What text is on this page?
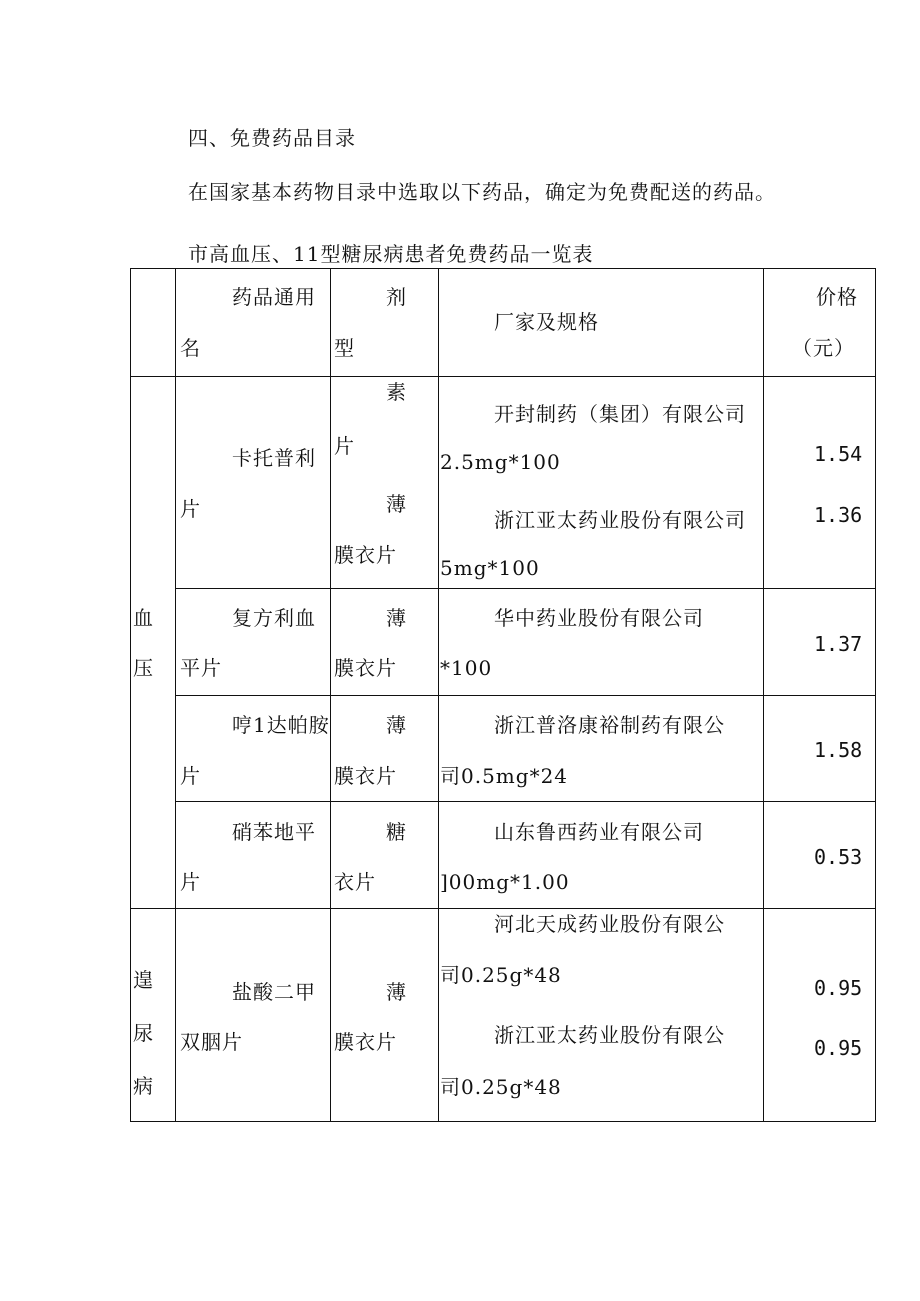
四、免费药品目录
在国家基本药物目录中选取以下药品，确定为免费配送的药品。
市高血压、11型糖尿病患者免费药品一览表
药品通用
名
剂
型
厂家及规格
价格
（元）
血
压
遑
尿
病
卡托普利
片
素
片
薄
膜衣片
开封制药（集团）有限公司
2.5mg*100
浙江亚太药业股份有限公司
5mg*100
1.54
1.36
复方利血
平片
薄
膜衣片
华中药业股份有限公司
*100
1.37
哼1达帕胺
片
薄
膜衣片
浙江普洛康裕制药有限公
司0.5mg*24
1.58
硝苯地平
片
糖
衣片
山东鲁西药业有限公司
]00mg*1.00
0.53
盐酸二甲
双胭片
薄
膜衣片
河北天成药业股份有限公
司0.25g*48
浙江亚太药业股份有限公
司0.25g*48
0.95
0.95
